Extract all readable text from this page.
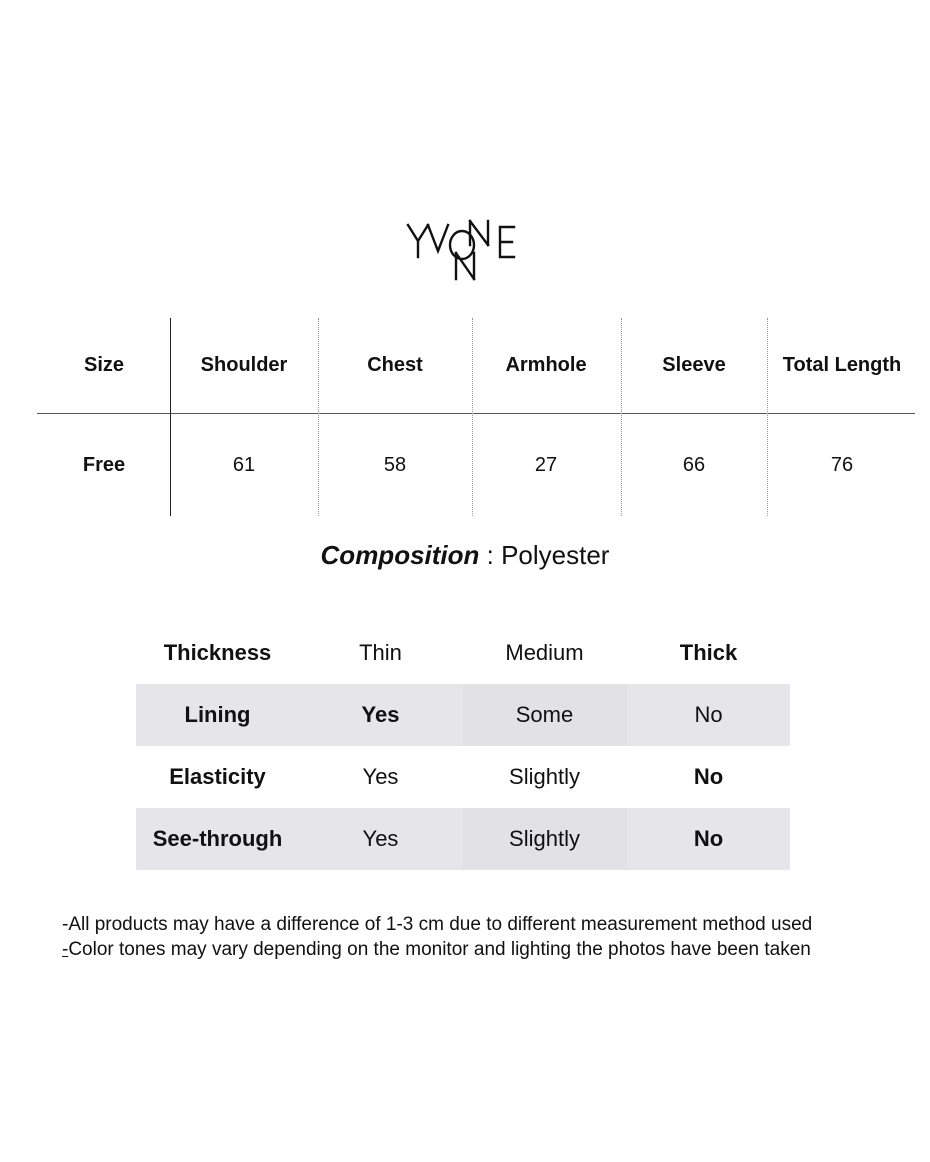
Size	Shoulder	Chest	Armhole	Sleeve	Total Length
Free	61	58	27	66	76
Composition : Polyester
Thickness	Thin	Medium	Thick
Lining	Yes	Some	No
Elasticity	Yes	Slightly	No
See-through	Yes	Slightly	No
-All products may have a difference of 1-3 cm due to different measurement method used
-Color tones may vary depending on the monitor and lighting the photos have been taken
